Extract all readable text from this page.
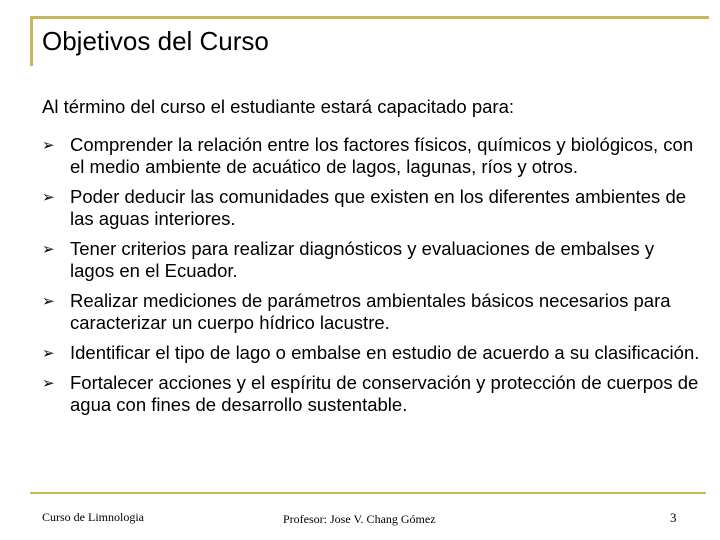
Objetivos del Curso

Al término del curso el estudiante estará capacitado para:

➢ Comprender la relación entre los factores físicos, químicos y biológicos, con el medio ambiente de acuático de lagos, lagunas, ríos y otros.
➢ Poder deducir las comunidades que existen en los diferentes ambientes de las aguas interiores.
➢ Tener criterios para realizar diagnósticos y evaluaciones de embalses y lagos en el Ecuador.
➢ Realizar mediciones de parámetros ambientales básicos necesarios para caracterizar un cuerpo hídrico lacustre.
➢ Identificar el tipo de lago o embalse en estudio de acuerdo a su clasificación.
➢ Fortalecer acciones y el espíritu de conservación y protección de cuerpos de agua con fines de desarrollo sustentable.
Curso de Limnologia	Profesor: Jose V. Chang Gómez	3
